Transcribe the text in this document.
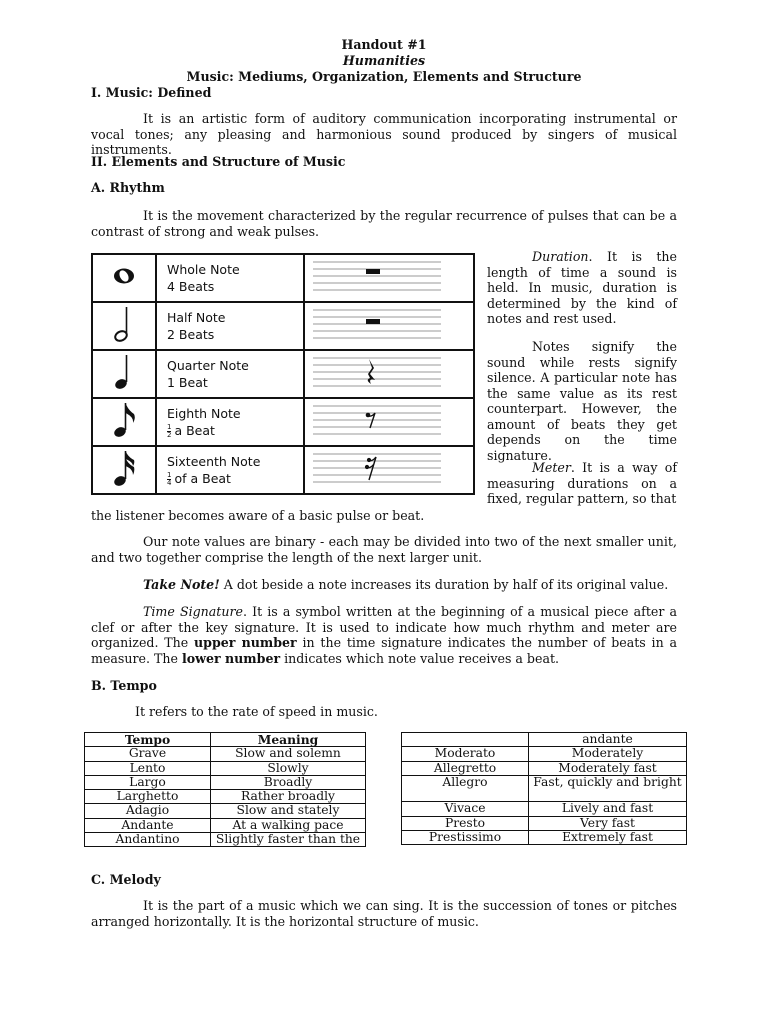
Handout #1
Humanities
Music: Mediums, Organization, Elements and Structure
I. Music: Defined
It is an artistic form of auditory communication incorporating instrumental or vocal tones; any pleasing and harmonious sound produced by singers of musical instruments.
II. Elements and Structure of Music
A. Rhythm
It is the movement characterized by the regular recurrence of pulses that can be a contrast of strong and weak pulses.

Whole Note
4 Beats

Half Note
2 Beats

Quarter Note
1 Beat

Eighth Note
$\frac{1}{2}$ a Beat

Sixteenth Note
$\frac{1}{4}$ of a Beat

Duration. It is the length of time a sound is held. In music, duration is determined by the kind of notes and rest used.
Notes signify the sound while rests signify silence. A particular note has the same value as its rest counterpart. However, the amount of beats they get depends on the time signature.
Meter. It is a way of measuring durations on a fixed, regular pattern, so that
the listener becomes aware of a basic pulse or beat.
Our note values are binary - each may be divided into two of the next smaller unit, and two together comprise the length of the next larger unit.
Take Note! A dot beside a note increases its duration by half of its original value.
Time Signature. It is a symbol written at the beginning of a musical piece after a clef or after the key signature. It is used to indicate how much rhythm and meter are organized. The upper number in the time signature indicates the number of beats in a measure. The lower number indicates which note value receives a beat.
B. Tempo
It refers to the rate of speed in music.
Tempo	Meaning
Grave	Slow and solemn
Lento	Slowly
Largo	Broadly
Larghetto	Rather broadly
Adagio	Slow and stately
Andante	At a walking pace
Andantino	Slightly faster than the
	andante
Moderato	Moderately
Allegretto	Moderately fast
Allegro	Fast, quickly and bright
Vivace	Lively and fast
Presto	Very fast
Prestissimo	Extremely fast
C. Melody
It is the part of a music which we can sing. It is the succession of tones or pitches arranged horizontally. It is the horizontal structure of music.
